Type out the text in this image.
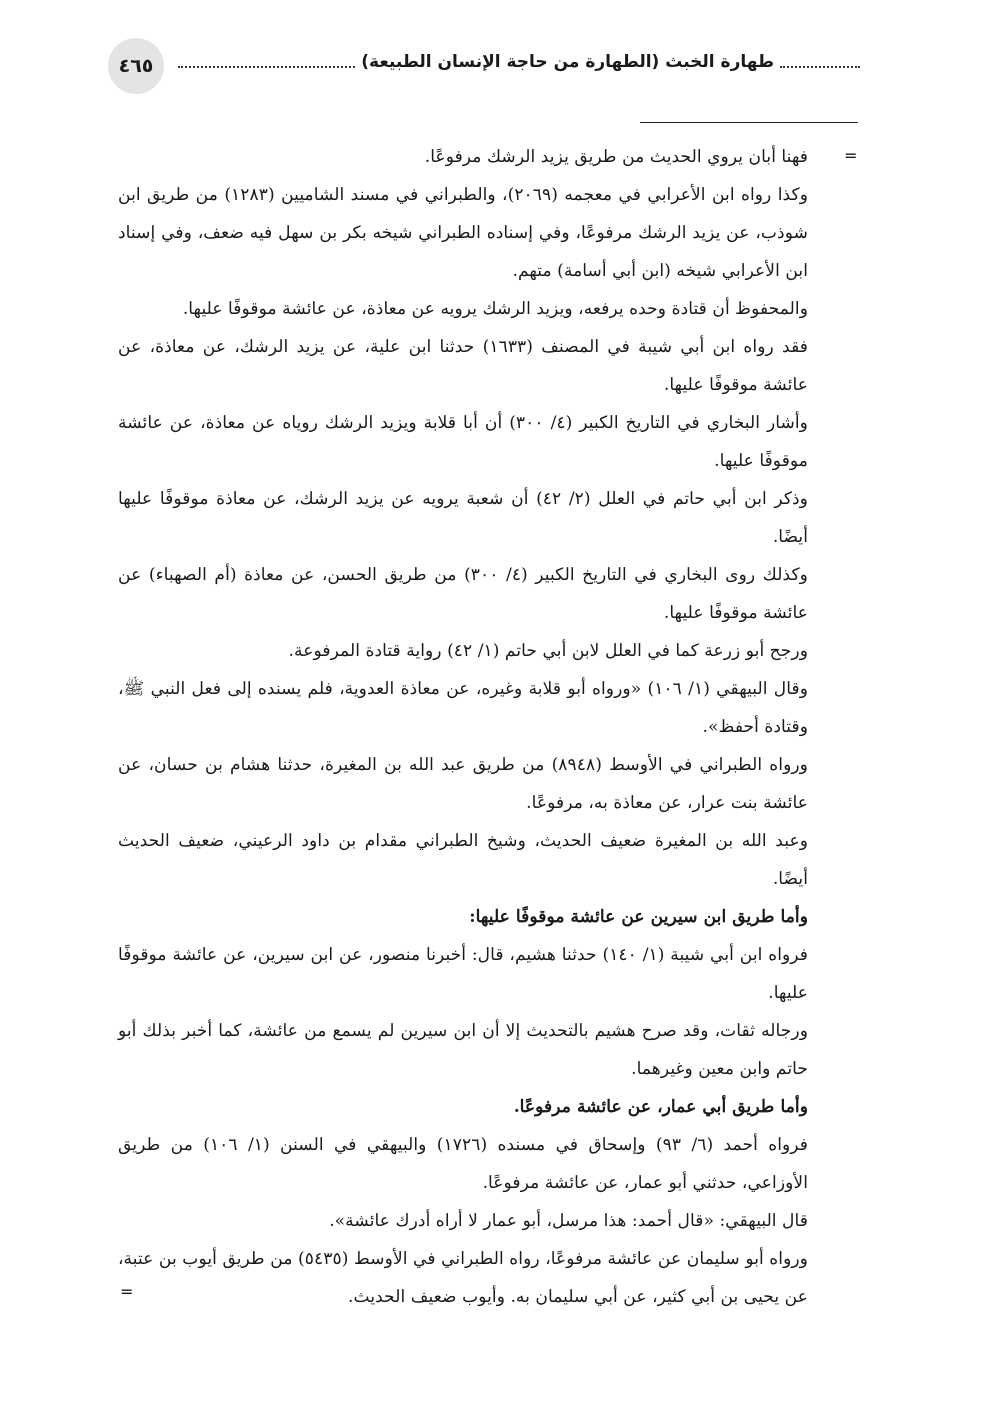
٤٦٥	طهارة الخبث (الطهارة من حاجة الإنسان الطبيعة)
=

فهنا أبان يروي الحديث من طريق يزيد الرشك مرفوعًا.

وكذا رواه ابن الأعرابي في معجمه (٢٠٦٩)، والطبراني في مسند الشاميين (١٢٨٣) من طريق ابن شوذب، عن يزيد الرشك مرفوعًا، وفي إسناده الطبراني شيخه بكر بن سهل فيه ضعف، وفي إسناد ابن الأعرابي شيخه (ابن أبي أسامة) متهم.

والمحفوظ أن قتادة وحده يرفعه، ويزيد الرشك يرويه عن معاذة، عن عائشة موقوفًا عليها.

فقد رواه ابن أبي شيبة في المصنف (١٦٣٣) حدثنا ابن علية، عن يزيد الرشك، عن معاذة، عن عائشة موقوفًا عليها.

وأشار البخاري في التاريخ الكبير (٤/ ٣٠٠) أن أبا قلابة ويزيد الرشك روياه عن معاذة، عن عائشة موقوفًا عليها.

وذكر ابن أبي حاتم في العلل (٢/ ٤٢) أن شعبة يرويه عن يزيد الرشك، عن معاذة موقوفًا عليها أيضًا.

وكذلك روى البخاري في التاريخ الكبير (٤/ ٣٠٠) من طريق الحسن، عن معاذة (أم الصهباء) عن عائشة موقوفًا عليها.

ورجح أبو زرعة كما في العلل لابن أبي حاتم (١/ ٤٢) رواية قتادة المرفوعة.

وقال البيهقي (١/ ١٠٦) «ورواه أبو قلابة وغيره، عن معاذة العدوية، فلم يسنده إلى فعل النبي ﷺ، وقتادة أحفظ».

ورواه الطبراني في الأوسط (٨٩٤٨) من طريق عبد الله بن المغيرة، حدثنا هشام بن حسان، عن عائشة بنت عرار، عن معاذة به، مرفوعًا.

وعبد الله بن المغيرة ضعيف الحديث، وشيخ الطبراني مقدام بن داود الرعيني، ضعيف الحديث أيضًا.

وأما طريق ابن سيرين عن عائشة موقوفًا عليها:

فرواه ابن أبي شيبة (١/ ١٤٠) حدثنا هشيم، قال: أخبرنا منصور، عن ابن سيرين، عن عائشة موقوفًا عليها.

ورجاله ثقات، وقد صرح هشيم بالتحديث إلا أن ابن سيرين لم يسمع من عائشة، كما أخبر بذلك أبو حاتم وابن معين وغيرهما.

وأما طريق أبي عمار، عن عائشة مرفوعًا.

فرواه أحمد (٦/ ٩٣) وإسحاق في مسنده (١٧٢٦) والبيهقي في السنن (١/ ١٠٦) من طريق الأوزاعي، حدثني أبو عمار، عن عائشة مرفوعًا.

قال البيهقي: «قال أحمد: هذا مرسل، أبو عمار لا أراه أدرك عائشة».

ورواه أبو سليمان عن عائشة مرفوعًا، رواه الطبراني في الأوسط (٥٤٣٥) من طريق أيوب بن عتبة، عن يحيى بن أبي كثير، عن أبي سليمان به. وأيوب ضعيف الحديث.

=
